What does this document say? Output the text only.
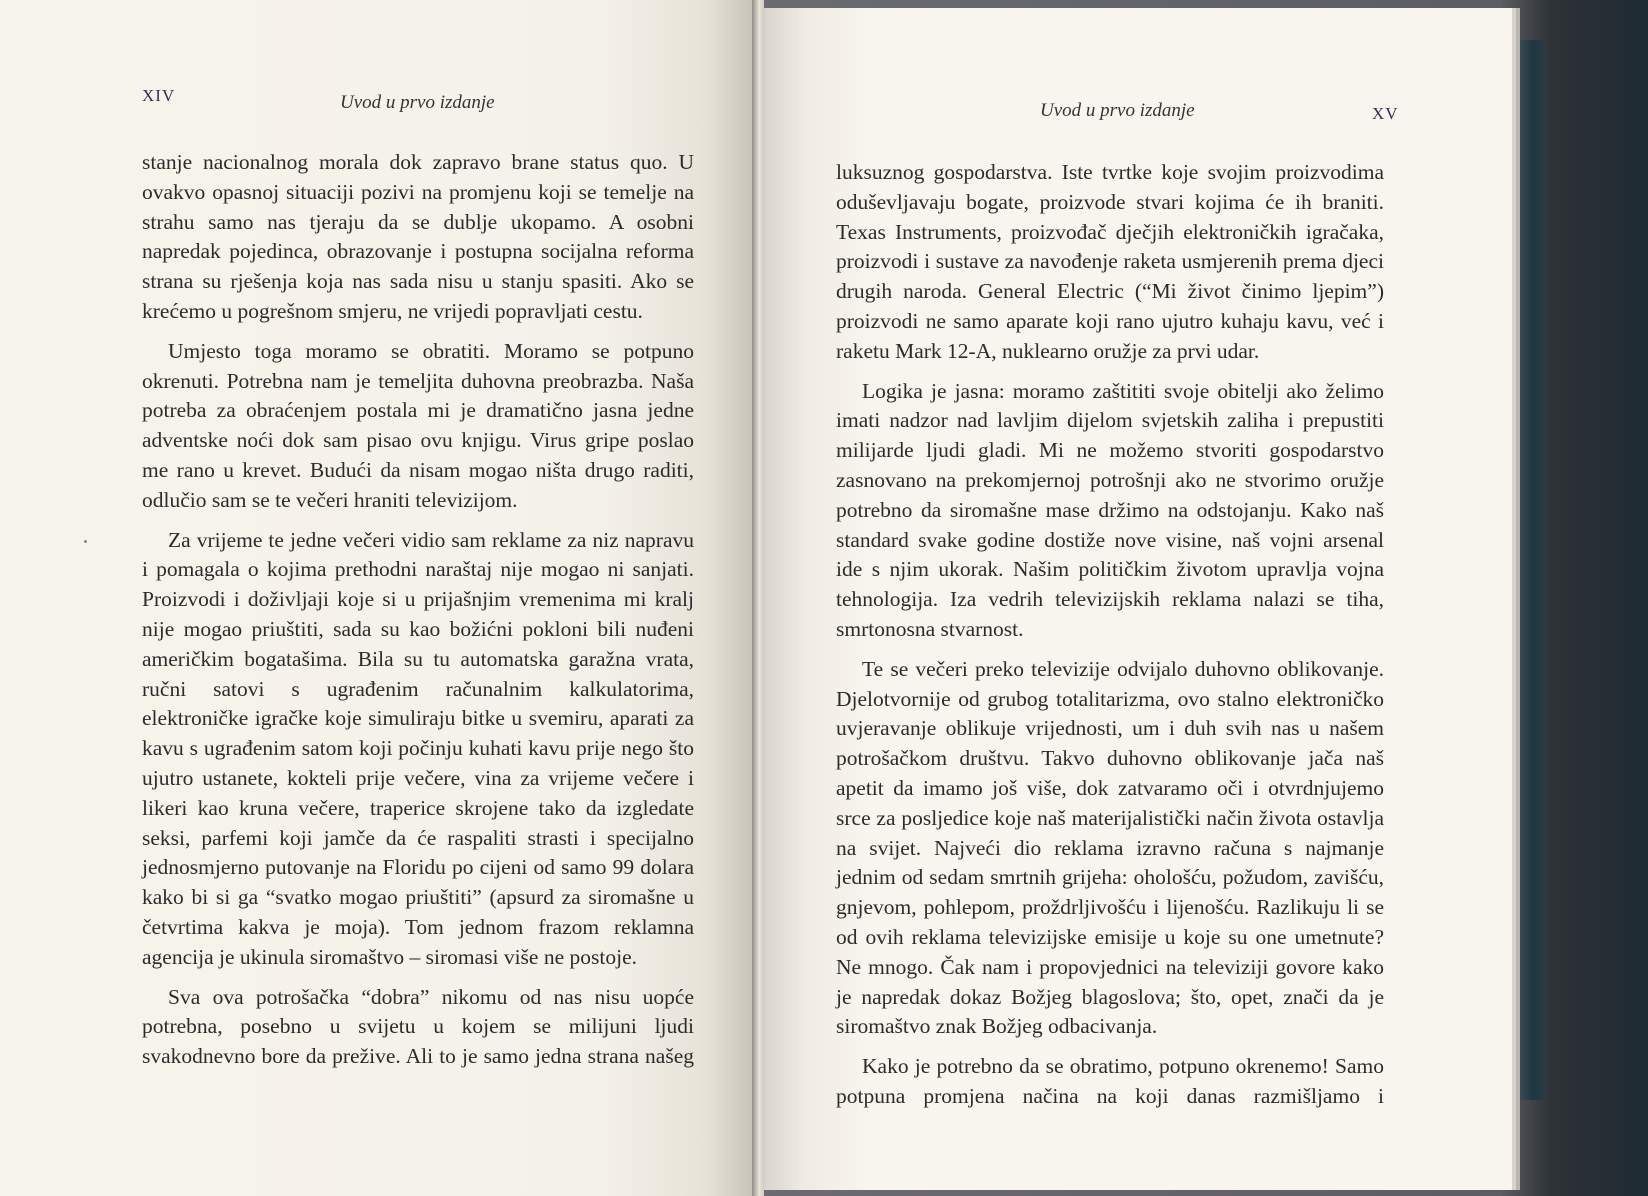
XIV	Uvod u prvo izdanje

stanje nacionalnog morala dok zapravo brane status quo. U ovakvo opasnoj situaciji pozivi na promjenu koji se temelje na strahu samo nas tjeraju da se dublje ukopamo. A osobni napredak pojedinca, obrazovanje i postupna socijalna reforma strana su rješenja koja nas sada nisu u stanju spasiti. Ako se krećemo u pogrešnom smjeru, ne vrijedi popravljati cestu.

Umjesto toga moramo se obratiti. Moramo se potpuno okrenuti. Potrebna nam je temeljita duhovna preobrazba. Naša potreba za obraćenjem postala mi je dramatično jasna jedne adventske noći dok sam pisao ovu knjigu. Virus gripe poslao me rano u krevet. Budući da nisam mogao ništa drugo raditi, odlučio sam se te večeri hraniti televizijom.

Za vrijeme te jedne večeri vidio sam reklame za niz napravu i pomagala o kojima prethodni naraštaj nije mogao ni sanjati. Proizvodi i doživljaji koje si u prijašnjim vremenima mi kralj nije mogao priuštiti, sada su kao božićni pokloni bili nuđeni američkim bogatašima. Bila su tu automatska garažna vrata, ručni satovi s ugrađenim računalnim kalkulatorima, elektroničke igračke koje simuliraju bitke u svemiru, aparati za kavu s ugrađenim satom koji počinju kuhati kavu prije nego što ujutro ustanete, kokteli prije večere, vina za vrijeme večere i likeri kao kruna večere, traperice skrojene tako da izgledate seksi, parfemi koji jamče da će raspaliti strasti i specijalno jednosmjerno putovanje na Floridu po cijeni od samo 99 dolara kako bi si ga “svatko mogao priuštiti” (apsurd za siromašne u četvrtima kakva je moja). Tom jednom frazom reklamna agencija je ukinula siromaštvo – siromasi više ne postoje.

Sva ova potrošačka “dobra” nikomu od nas nisu uopće potrebna, posebno u svijetu u kojem se milijuni ljudi svakodnevno bore da prežive. Ali to je samo jedna strana našeg

Uvod u prvo izdanje	XV

luksuznog gospodarstva. Iste tvrtke koje svojim proizvodima oduševljavaju bogate, proizvode stvari kojima će ih braniti. Texas Instruments, proizvođač dječjih elektroničkih igračaka, proizvodi i sustave za navođenje raketa usmjerenih prema djeci drugih naroda. General Electric (“Mi život činimo ljepim”) proizvodi ne samo aparate koji rano ujutro kuhaju kavu, već i raketu Mark 12-A, nuklearno oružje za prvi udar.

Logika je jasna: moramo zaštititi svoje obitelji ako želimo imati nadzor nad lavljim dijelom svjetskih zaliha i prepustiti milijarde ljudi gladi. Mi ne možemo stvoriti gospodarstvo zasnovano na prekomjernoj potrošnji ako ne stvorimo oružje potrebno da siromašne mase držimo na odstojanju. Kako naš standard svake godine dostiže nove visine, naš vojni arsenal ide s njim ukorak. Našim političkim životom upravlja vojna tehnologija. Iza vedrih televizijskih reklama nalazi se tiha, smrtonosna stvarnost.

Te se večeri preko televizije odvijalo duhovno oblikovanje. Djelotvornije od grubog totalitarizma, ovo stalno elektroničko uvjeravanje oblikuje vrijednosti, um i duh svih nas u našem potrošačkom društvu. Takvo duhovno oblikovanje jača naš apetit da imamo još više, dok zatvaramo oči i otvrdnjujemo srce za posljedice koje naš materijalistički način života ostavlja na svijet. Najveći dio reklama izravno računa s najmanje jednim od sedam smrtnih grijeha: ohološću, požudom, zavišću, gnjevom, pohlepom, proždrljivošću i lijenošću. Razlikuju li se od ovih reklama televizijske emisije u koje su one umetnute? Ne mnogo. Čak nam i propovjednici na televiziji govore kako je napredak dokaz Božjeg blagoslova; što, opet, znači da je siromaštvo znak Božjeg odbacivanja.

Kako je potrebno da se obratimo, potpuno okrenemo! Samo potpuna promjena načina na koji danas razmišljamo i
